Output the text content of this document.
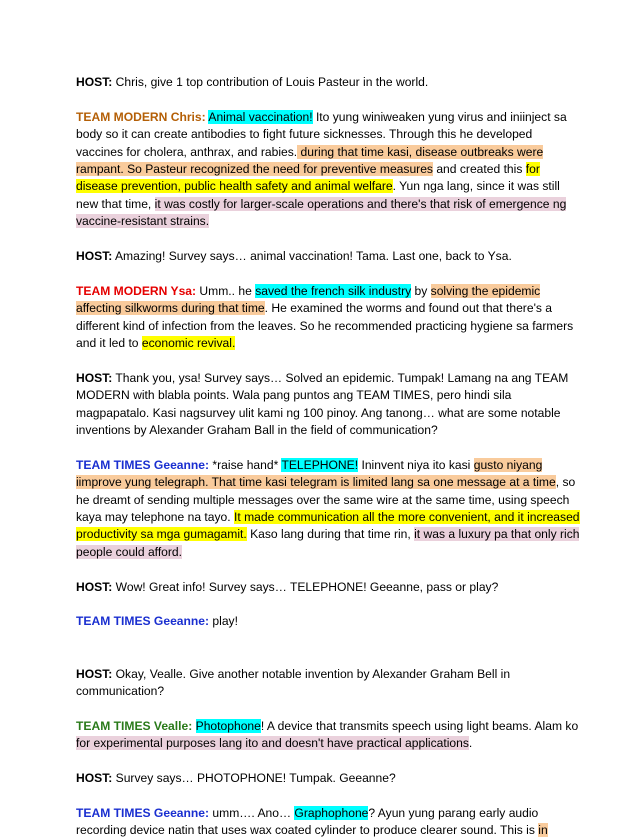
HOST: Chris, give 1 top contribution of Louis Pasteur in the world.

TEAM MODERN Chris: Animal vaccination! Ito yung winiweaken yung virus and iniinject sa body so it can create antibodies to fight future sicknesses. Through this he developed vaccines for cholera, anthrax, and rabies. during that time kasi, disease outbreaks were rampant. So Pasteur recognized the need for preventive measures and created this for disease prevention, public health safety and animal welfare. Yun nga lang, since it was still new that time, it was costly for larger-scale operations and there's that risk of emergence ng vaccine-resistant strains.

HOST: Amazing! Survey says… animal vaccination! Tama. Last one, back to Ysa.

TEAM MODERN Ysa: Umm.. he saved the french silk industry by solving the epidemic affecting silkworms during that time. He examined the worms and found out that there's a different kind of infection from the leaves. So he recommended practicing hygiene sa farmers and it led to economic revival.

HOST: Thank you, ysa! Survey says… Solved an epidemic. Tumpak! Lamang na ang TEAM MODERN with blabla points. Wala pang puntos ang TEAM TIMES, pero hindi sila magpapatalo. Kasi nagsurvey ulit kami ng 100 pinoy. Ang tanong… what are some notable inventions by Alexander Graham Ball in the field of communication?

TEAM TIMES Geeanne: *raise hand* TELEPHONE! Ininvent niya ito kasi gusto niyang iimprove yung telegraph. That time kasi telegram is limited lang sa one message at a time, so he dreamt of sending multiple messages over the same wire at the same time, using speech kaya may telephone na tayo. It made communication all the more convenient, and it increased productivity sa mga gumagamit. Kaso lang during that time rin, it was a luxury pa that only rich people could afford.

HOST: Wow! Great info! Survey says… TELEPHONE! Geeanne, pass or play?

TEAM TIMES Geeanne: play!

HOST: Okay, Vealle. Give another notable invention by Alexander Graham Bell in communication?

TEAM TIMES Vealle: Photophone! A device that transmits speech using light beams. Alam ko for experimental purposes lang ito and doesn't have practical applications.

HOST: Survey says… PHOTOPHONE! Tumpak. Geeanne?

TEAM TIMES Geeanne: umm…. Ano… Graphophone? Ayun yung parang early audio recording device natin that uses wax coated cylinder to produce clearer sound. This is in
